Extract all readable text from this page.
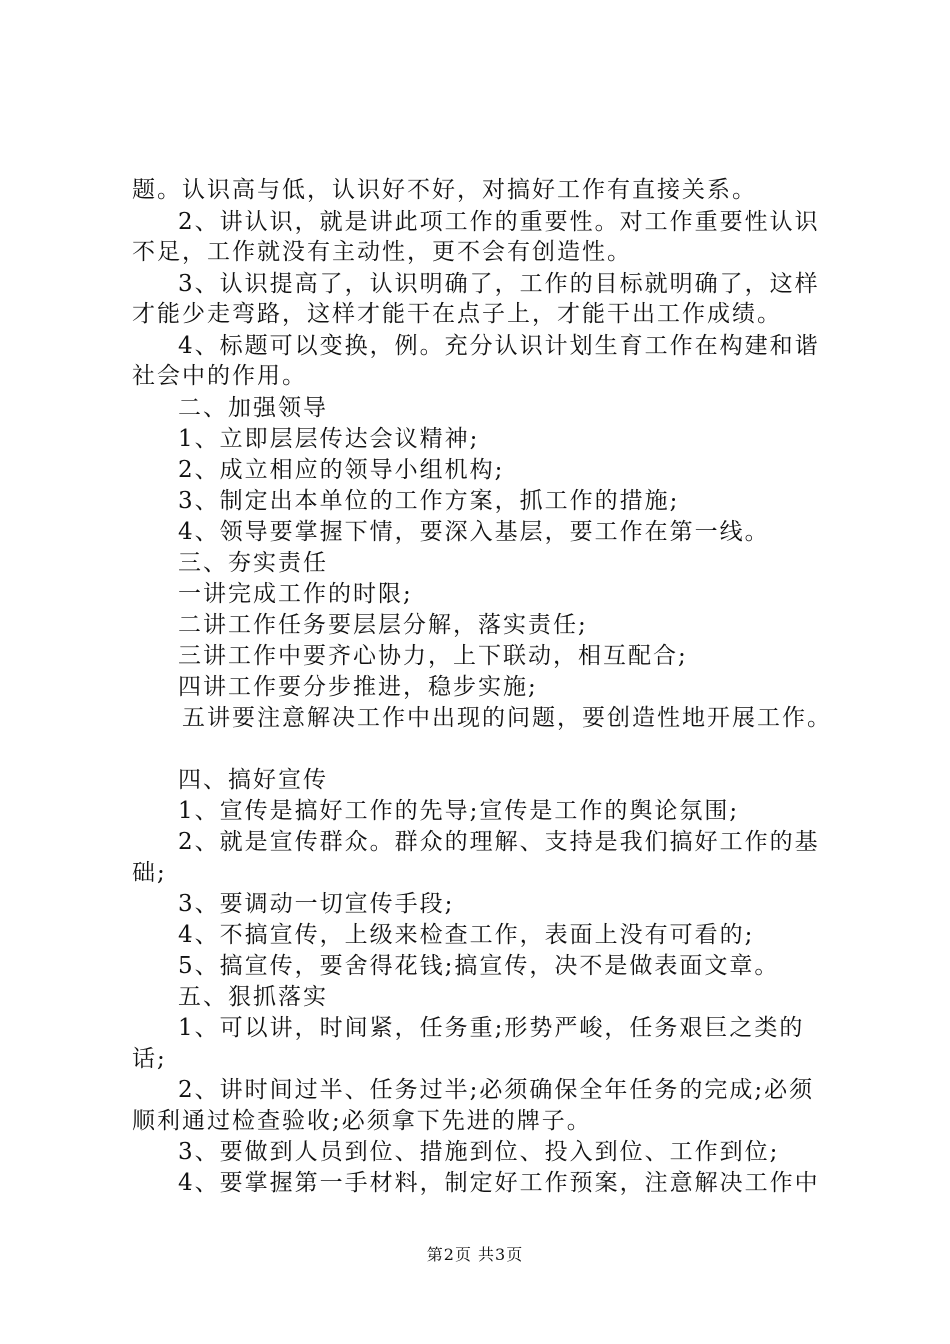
题。认识高与低，认识好不好，对搞好工作有直接关系。
2、讲认识，就是讲此项工作的重要性。对工作重要性认识
不足，工作就没有主动性，更不会有创造性。
3、认识提高了，认识明确了，工作的目标就明确了，这样
才能少走弯路，这样才能干在点子上，才能干出工作成绩。
4、标题可以变换，例。充分认识计划生育工作在构建和谐
社会中的作用。
二、加强领导
1、立即层层传达会议精神;
2、成立相应的领导小组机构;
3、制定出本单位的工作方案，抓工作的措施;
4、领导要掌握下情，要深入基层，要工作在第一线。
三、夯实责任
一讲完成工作的时限;
二讲工作任务要层层分解，落实责任;
三讲工作中要齐心协力，上下联动，相互配合;
四讲工作要分步推进，稳步实施;
五讲要注意解决工作中出现的问题，要创造性地开展工作。
四、搞好宣传
1、宣传是搞好工作的先导;宣传是工作的舆论氛围;
2、就是宣传群众。群众的理解、支持是我们搞好工作的基
础;
3、要调动一切宣传手段;
4、不搞宣传，上级来检查工作，表面上没有可看的;
5、搞宣传，要舍得花钱;搞宣传，决不是做表面文章。
五、狠抓落实
1、可以讲，时间紧，任务重;形势严峻，任务艰巨之类的
话;
2、讲时间过半、任务过半;必须确保全年任务的完成;必须
顺利通过检查验收;必须拿下先进的牌子。
3、要做到人员到位、措施到位、投入到位、工作到位;
4、要掌握第一手材料，制定好工作预案，注意解决工作中
第2页 共3页
